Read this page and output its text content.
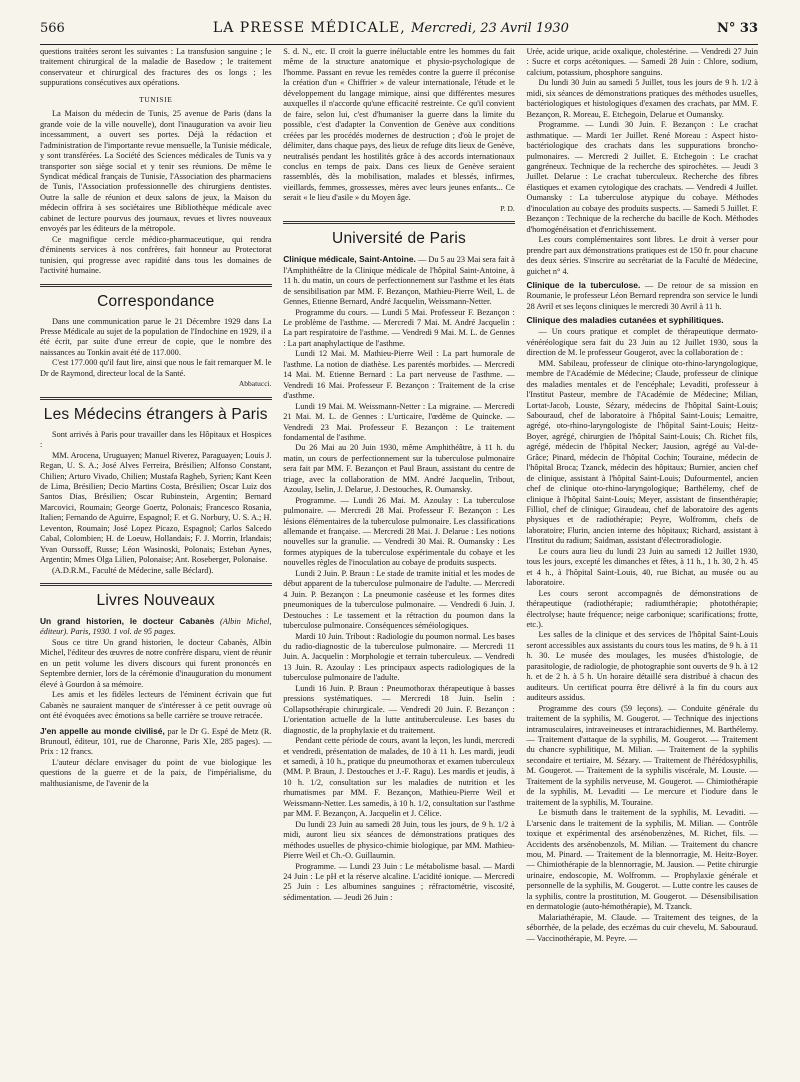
566	LA PRESSE MÉDICALE, Mercredi, 23 Avril 1930	N° 33

questions traitées seront les suivantes : La transfusion sanguine ; le traitement chirurgical de la maladie de Basedow ; le traitement conservateur et chirurgical des fractures des os longs ; les suppurations consécutives aux opérations.

TUNISIE

La Maison du médecin de Tunis, 25 avenue de Paris (dans la grande voie de la ville nouvelle), dont l'inauguration va avoir lieu incessamment, a ouvert ses portes. Déjà la rédaction et l'administration de l'importante revue mensuelle, la Tunisie médicale, y sont transférées. La Société des Sciences médicales de Tunis va y transporter son siège social et y tenir ses réunions. De même le Syndicat médical français de Tunisie, l'Association des pharmaciens de Tunis, l'Association professionnelle des chirurgiens dentistes. Outre la salle de réunion et deux salons de jeux, la Maison du médecin offrira à ses sociétaires une Bibliothèque médicale avec cabinet de lecture pourvus des journaux, revues et livres nouveaux envoyés par les éditeurs de la métropole.

Ce magnifique cercle médico-pharmaceutique, qui rendra d'éminents services à nos confrères, fait honneur au Protectorat tunisien, qui progresse avec rapidité dans tous les domaines de l'activité humaine.

Correspondance

Dans une communication parue le 21 Décembre 1929 dans La Presse Médicale au sujet de la population de l'Indochine en 1929, il a été écrit, par suite d'une erreur de copie, que le nombre des naissances au Tonkin avait été de 117.000.

C'est 177.000 qu'il faut lire, ainsi que nous le fait remarquer M. le Dr de Raymond, directeur local de la Santé.

Abbatucci.
Les Médecins étrangers à Paris

Sont arrivés à Paris pour travailler dans les Hôpitaux et Hospices :

MM. Arocena, Uruguayen; Manuel Riverez, Paraguayen; Louis J. Regan, U. S. A.; José Alves Ferreira, Brésilien; Alfonso Constant, Chilien; Arturo Vivado, Chilien; Mustafa Ragheb, Syrien; Kant Keen de Lima, Brésilien; Decio Martins Costa, Brésilien; Oscar Luiz dos Santos Dias, Brésilien; Oscar Rubinstein, Argentin; Bernard Marcovici, Roumain; George Goertz, Polonais; Francesco Rosania, Italien; Fernando de Aguirre, Espagnol; F. et G. Norbury, U. S. A.; H. Leventon, Roumain; José Lopez Picazo, Espagnol; Carlos Salcedo Cabal, Colombien; H. de Loeuw, Hollandais; F. J. Morrin, Irlandais; Yvan Ourssoff, Russe; Léon Wasinoski, Polonais; Esteban Aynes, Argentin; Mmes Olga Lilien, Polonaise; Ant. Roseberger, Polonaise.

(A.D.R.M., Faculté de Médecine, salle Béclard).

Livres Nouveaux

Un grand historien, le docteur Cabanès (Albin Michel, éditeur). Paris, 1930. 1 vol. de 95 pages.

Sous ce titre Un grand historien, le docteur Cabanès, Albin Michel, l'éditeur des œuvres de notre confrère disparu, vient de réunir en un petit volume les divers discours qui furent prononcés en Septembre dernier, lors de la cérémonie d'inauguration du monument élevé à Gourdon à sa mémoire.

Les amis et les fidèles lecteurs de l'éminent écrivain que fut Cabanès ne sauraient manquer de s'intéresser à ce petit ouvrage où ont été évoquées avec émotions sa belle carrière se trouve retracée.

J'en appelle au monde civilisé, par le Dr G. Espé de Metz (R. Brunoutl, éditeur, 101, rue de Charonne, Paris XIe, 285 pages). — Prix : 12 francs.

L'auteur déclare envisager du point de vue biologique les questions de la guerre et de la paix, de l'impérialisme, du malthusianisme, de l'avenir de la

S. d. N., etc. Il croit la guerre inéluctable entre les hommes du fait même de la structure anatomique et physio-psychologique de l'homme. Passant en revue les remèdes contre la guerre il préconise la création d'un « Chiffrier » de valeur internationale, l'étude et le développement du langage mimique, ainsi que différentes mesures auxquelles il n'accorde qu'une efficacité restreinte. Ce qu'il convient de faire, selon lui, c'est d'humaniser la guerre dans la limite du possible, c'est d'adapter la Convention de Genève aux conditions créées par les procédés modernes de destruction ; d'où le projet de délimiter, dans chaque pays, des lieux de refuge dits lieux de Genève, neutralisés pendant les hostilités grâce à des accords internationaux conclus en temps de paix. Dans ces lieux de Genève seraient rassemblés, dès la mobilisation, malades et blessés, infirmes, vieillards, femmes, grossesses, mères avec leurs jeunes enfants... Ce serait « le lieu d'asile » du Moyen âge.

P. D.
Université de Paris

Clinique médicale, Saint-Antoine. — Du 5 au 23 Mai sera fait à l'Amphithéâtre de la Clinique médicale de l'hôpital Saint-Antoine, à 11 h. du matin, un cours de perfectionnement sur l'asthme et les états de sensibilisation par MM. F. Bezançon, Mathieu-Pierre Weil, L. de Gennes, Etienne Bernard, André Jacquelin, Weissmann-Netter.

Programme du cours. — Lundi 5 Mai. Professeur F. Bezançon : Le problème de l'asthme. — Mercredi 7 Mai. M. André Jacquelin : La part respiratoire de l'asthme. — Vendredi 9 Mai. M. L. de Gennes : La part anaphylactique de l'asthme.

Lundi 12 Mai. M. Mathieu-Pierre Weil : La part humorale de l'asthme. La notion de diathèse. Les parentés morbides. — Mercredi 14 Mai. M. Etienne Bernard : La part nerveuse de l'asthme. — Vendredi 16 Mai. Professeur F. Bezançon : Traitement de la crise d'asthme.

Lundi 19 Mai. M. Weissmann-Netter : La migraine. — Mercredi 21 Mai. M. L. de Gennes : L'urticaire, l'œdème de Quincke. — Vendredi 23 Mai. Professeur F. Bezançon : Le traitement fondamental de l'asthme.

Du 26 Mai au 20 Juin 1930, même Amphithéâtre, à 11 h. du matin, un cours de perfectionnement sur la tuberculose pulmonaire sera fait par MM. F. Bezançon et Paul Braun, assistant du centre de triage, avec la collaboration de MM. André Jacquelin, Tribout, Azoulay, Iselin, J. Delarue, J. Destouches, R. Oumansky.

Programme. — Lundi 26 Mai. M. Azoulay : La tuberculose pulmonaire. — Mercredi 28 Mai. Professeur F. Bezançon : Les lésions élémentaires de la tuberculose pulmonaire. Les classifications allemande et française. — Mercredi 28 Mai. J. Delarue : Les notions nouvelles sur la granulie. — Vendredi 30 Mai. R. Oumansky : Les formes atypiques de la tuberculose expérimentale du cobaye et les nouvelles règles de l'inoculation au cobaye de produits suspects.

Lundi 2 Juin. P. Braun : Le stade de tramite initial et les modes de début apparent de la tuberculose pulmonaire de l'adulte. — Mercredi 4 Juin. P. Bezançon : La pneumonie caséeuse et les formes dites pneumoniques de la tuberculose pulmonaire. — Vendredi 6 Juin. J. Destouches : Le tassement et la rétraction du poumon dans la tuberculose pulmonaire. Conséquences séméiologiques.

Mardi 10 Juin. Tribout : Radiologie du poumon normal. Les bases du radio-diagnostic de la tuberculose pulmonaire. — Mercredi 11 Juin. A. Jacquelin : Morphologie et terrain tuberculeux. — Vendredi 13 Juin. R. Azoulay : Les principaux aspects radiologiques de la tuberculose pulmonaire de l'adulte.

Lundi 16 Juin. P. Braun : Pneumothorax thérapeutique à basses pressions systématiques. — Mercredi 18 Juin. Iselin : Collapsothérapie chirurgicale. — Vendredi 20 Juin. F. Bezançon : L'orientation actuelle de la lutte antituberculeuse. Les bases du diagnostic, de la prophylaxie et du traitement.

Pendant cette période de cours, avant la leçon, les lundi, mercredi et vendredi, présentation de malades, de 10 à 11 h. Les mardi, jeudi et samedi, à 10 h., pratique du pneumothorax et examen tuberculeux (MM. P. Braun, J. Destouches et J.-F. Ragu). Les mardis et jeudis, à 10 h. 1/2, consultation sur les maladies de nutrition et les rhumatismes par MM. F. Bezançon, Mathieu-Pierre Weil et Weissmann-Netter. Les samedis, à 10 h. 1/2, consultation sur l'asthme par MM. F. Bezançon, A. Jacquelin et J. Célice.

Du lundi 23 Juin au samedi 28 Juin, tous les jours, de 9 h. 1/2 à midi, auront lieu six séances de démonstrations pratiques des méthodes usuelles de physico-chimie biologique, par MM. Mathieu-Pierre Weil et Ch.-O. Guillaumin.

Programme. — Lundi 23 Juin : Le métabolisme basal. — Mardi 24 Juin : Le pH et la réserve alcaline. L'acidité ionique. — Mercredi 25 Juin : Les albumines sanguines ; réfractométrie, viscosité, sédimentation. — Jeudi 26 Juin :

Urée, acide urique, acide oxalique, cholestérine. — Vendredi 27 Juin : Sucre et corps acétoniques. — Samedi 28 Juin : Chlore, sodium, calcium, potassium, phosphore sanguins.

Du lundi 30 Juin au samedi 5 Juillet, tous les jours de 9 h. 1/2 à midi, six séances de démonstrations pratiques des méthodes usuelles, bactériologiques et histologiques d'examen des crachats, par MM. F. Bezançon, R. Moreau, E. Etchegoin, Delarue et Oumansky.

Programme. — Lundi 30 Juin. F. Bezançon : Le crachat asthmatique. — Mardi 1er Juillet. René Moreau : Aspect histo-bactériologique des crachats dans les suppurations broncho-pulmonaires. — Mercredi 2 Juillet. E. Etchegoin : Le crachat gangréneux. Technique de la recherche des spirochètes. — Jeudi 3 Juillet. Delarue : Le crachat tuberculeux. Recherche des fibres élastiques et examen cytologique des crachats. — Vendredi 4 Juillet. Oumansky : La tuberculose atypique du cobaye. Méthodes d'inoculation au cobaye des produits suspects. — Samedi 5 Juillet. F. Bezançon : Technique de la recherche du bacille de Koch. Méthodes d'homogénéisation et d'enrichissement.

Les cours complémentaires sont libres. Le droit à verser pour prendre part aux démonstrations pratiques est de 150 fr. pour chacune des deux séries. S'inscrire au secrétariat de la Faculté de Médecine, guichet n° 4.

Clinique de la tuberculose. — De retour de sa mission en Roumanie, le professeur Léon Bernard reprendra son service le lundi 28 Avril et ses leçons cliniques le mercredi 30 Avril à 11 h.

Clinique des maladies cutanées et syphilitiques.

— Un cours pratique et complet de thérapeutique dermato-vénéréologique sera fait du 23 Juin au 12 Juillet 1930, sous la direction de M. le professeur Gougerot, avec la collaboration de :

MM. Sabileau, professeur de clinique oto-rhino-laryngologique, membre de l'Académie de Médecine; Claude, professeur de clinique des maladies mentales et de l'encéphale; Levaditi, professeur à l'Institut Pasteur, membre de l'Académie de Médecine; Milian, Lortat-Jacob, Louste, Sézary, médecins de l'hôpital Saint-Louis; Sabouraud, chef de laboratoire à l'hôpital Saint-Louis; Lemaitre, agrégé, oto-rhino-laryngologiste de l'hôpital Saint-Louis; Heitz-Boyer, agrégé, chirurgien de l'hôpital Saint-Louis; Ch. Richet fils, agrégé, médecin de l'hôpital Necker; Jausion, agrégé au Val-de-Grâce; Pinard, médecin de l'hôpital Cochin; Touraine, médecin de l'hôpital Broca; Tzanck, médecin des hôpitaux; Burnier, ancien chef de clinique, assistant à l'hôpital Saint-Louis; Dufourmentel, ancien chef de clinique oto-rhino-laryngologique; Barthélemy, chef de clinique à l'hôpital Saint-Louis; Meyer, assistant de finsenthérapie; Filliol, chef de clinique; Giraudeau, chef de laboratoire des agents physiques et de radiothérapie; Peyre, Wolfromm, chefs de laboratoire; Flurin, ancien interne des hôpitaux; Richard, assistant à l'Institut du radium; Saidman, assistant d'électroradiologie.

Le cours aura lieu du lundi 23 Juin au samedi 12 Juillet 1930, tous les jours, excepté les dimanches et fêtes, à 11 h., 1 h. 30, 2 h. 45 et 4 h., à l'hôpital Saint-Louis, 40, rue Bichat, au musée ou au laboratoire.

Les cours seront accompagnés de démonstrations de thérapeutique (radiothérapie; radiumthérapie; photothérapie; électrolyse; haute fréquence; neige carbonique; scarifications; frotte, etc.).

Les salles de la clinique et des services de l'hôpital Saint-Louis seront accessibles aux assistants du cours tous les matins, de 9 h. à 11 h. 30. Le musée des moulages, les musées d'histologie, de parasitologie, de radiologie, de photographie sont ouverts de 9 h. à 12 h. et de 2 h. à 5 h. Un horaire détaillé sera distribué à chacun des auditeurs. Un certificat pourra être délivré à la fin du cours aux auditeurs assidus.

Programme des cours (59 leçons). — Conduite générale du traitement de la syphilis, M. Gougerot. — Technique des injections intramusculaires, intraveineuses et intrarachidiennes, M. Barthélemy. — Traitement d'attaque de la syphilis, M. Gougerot. — Traitement du chancre syphilitique, M. Milian. — Traitement de la syphilis secondaire et tertiaire, M. Sézary. — Traitement de l'hérédosyphilis, M. Gougerot. — Traitement de la syphilis viscérale, M. Louste. — Traitement de la syphilis nerveuse, M. Gougerot. — Chimiothérapie de la syphilis, M. Levaditi — Le mercure et l'iodure dans le traitement de la syphilis, M. Touraine.

Le bismuth dans le traitement de la syphilis, M. Levaditi. — L'arsenic dans le traitement de la syphilis, M. Milian. — Contrôle toxique et expérimental des arsénobenzènes, M. Richet, fils. — Accidents des arsénobenzols, M. Milian. — Traitement du chancre mou, M. Pinard. — Traitement de la blennorragie, M. Heitz-Boyer. — Chimiothérapie de la blennorragie, M. Jausion. — Petite chirurgie urinaire, endoscopie, M. Wolfromm. — Prophylaxie générale et personnelle de la syphilis, M. Gougerot. — Lutte contre les causes de la syphilis, contre la prostitution, M. Gougerot. — Désensibilisation en dermatologie (auto-hémothérapie), M. Tzanck.

Malariathérapie, M. Claude. — Traitement des teignes, de la séborrhée, de la pelade, des eczémas du cuir chevelu, M. Sabouraud. — Vaccinothérapie, M. Peyre. —
